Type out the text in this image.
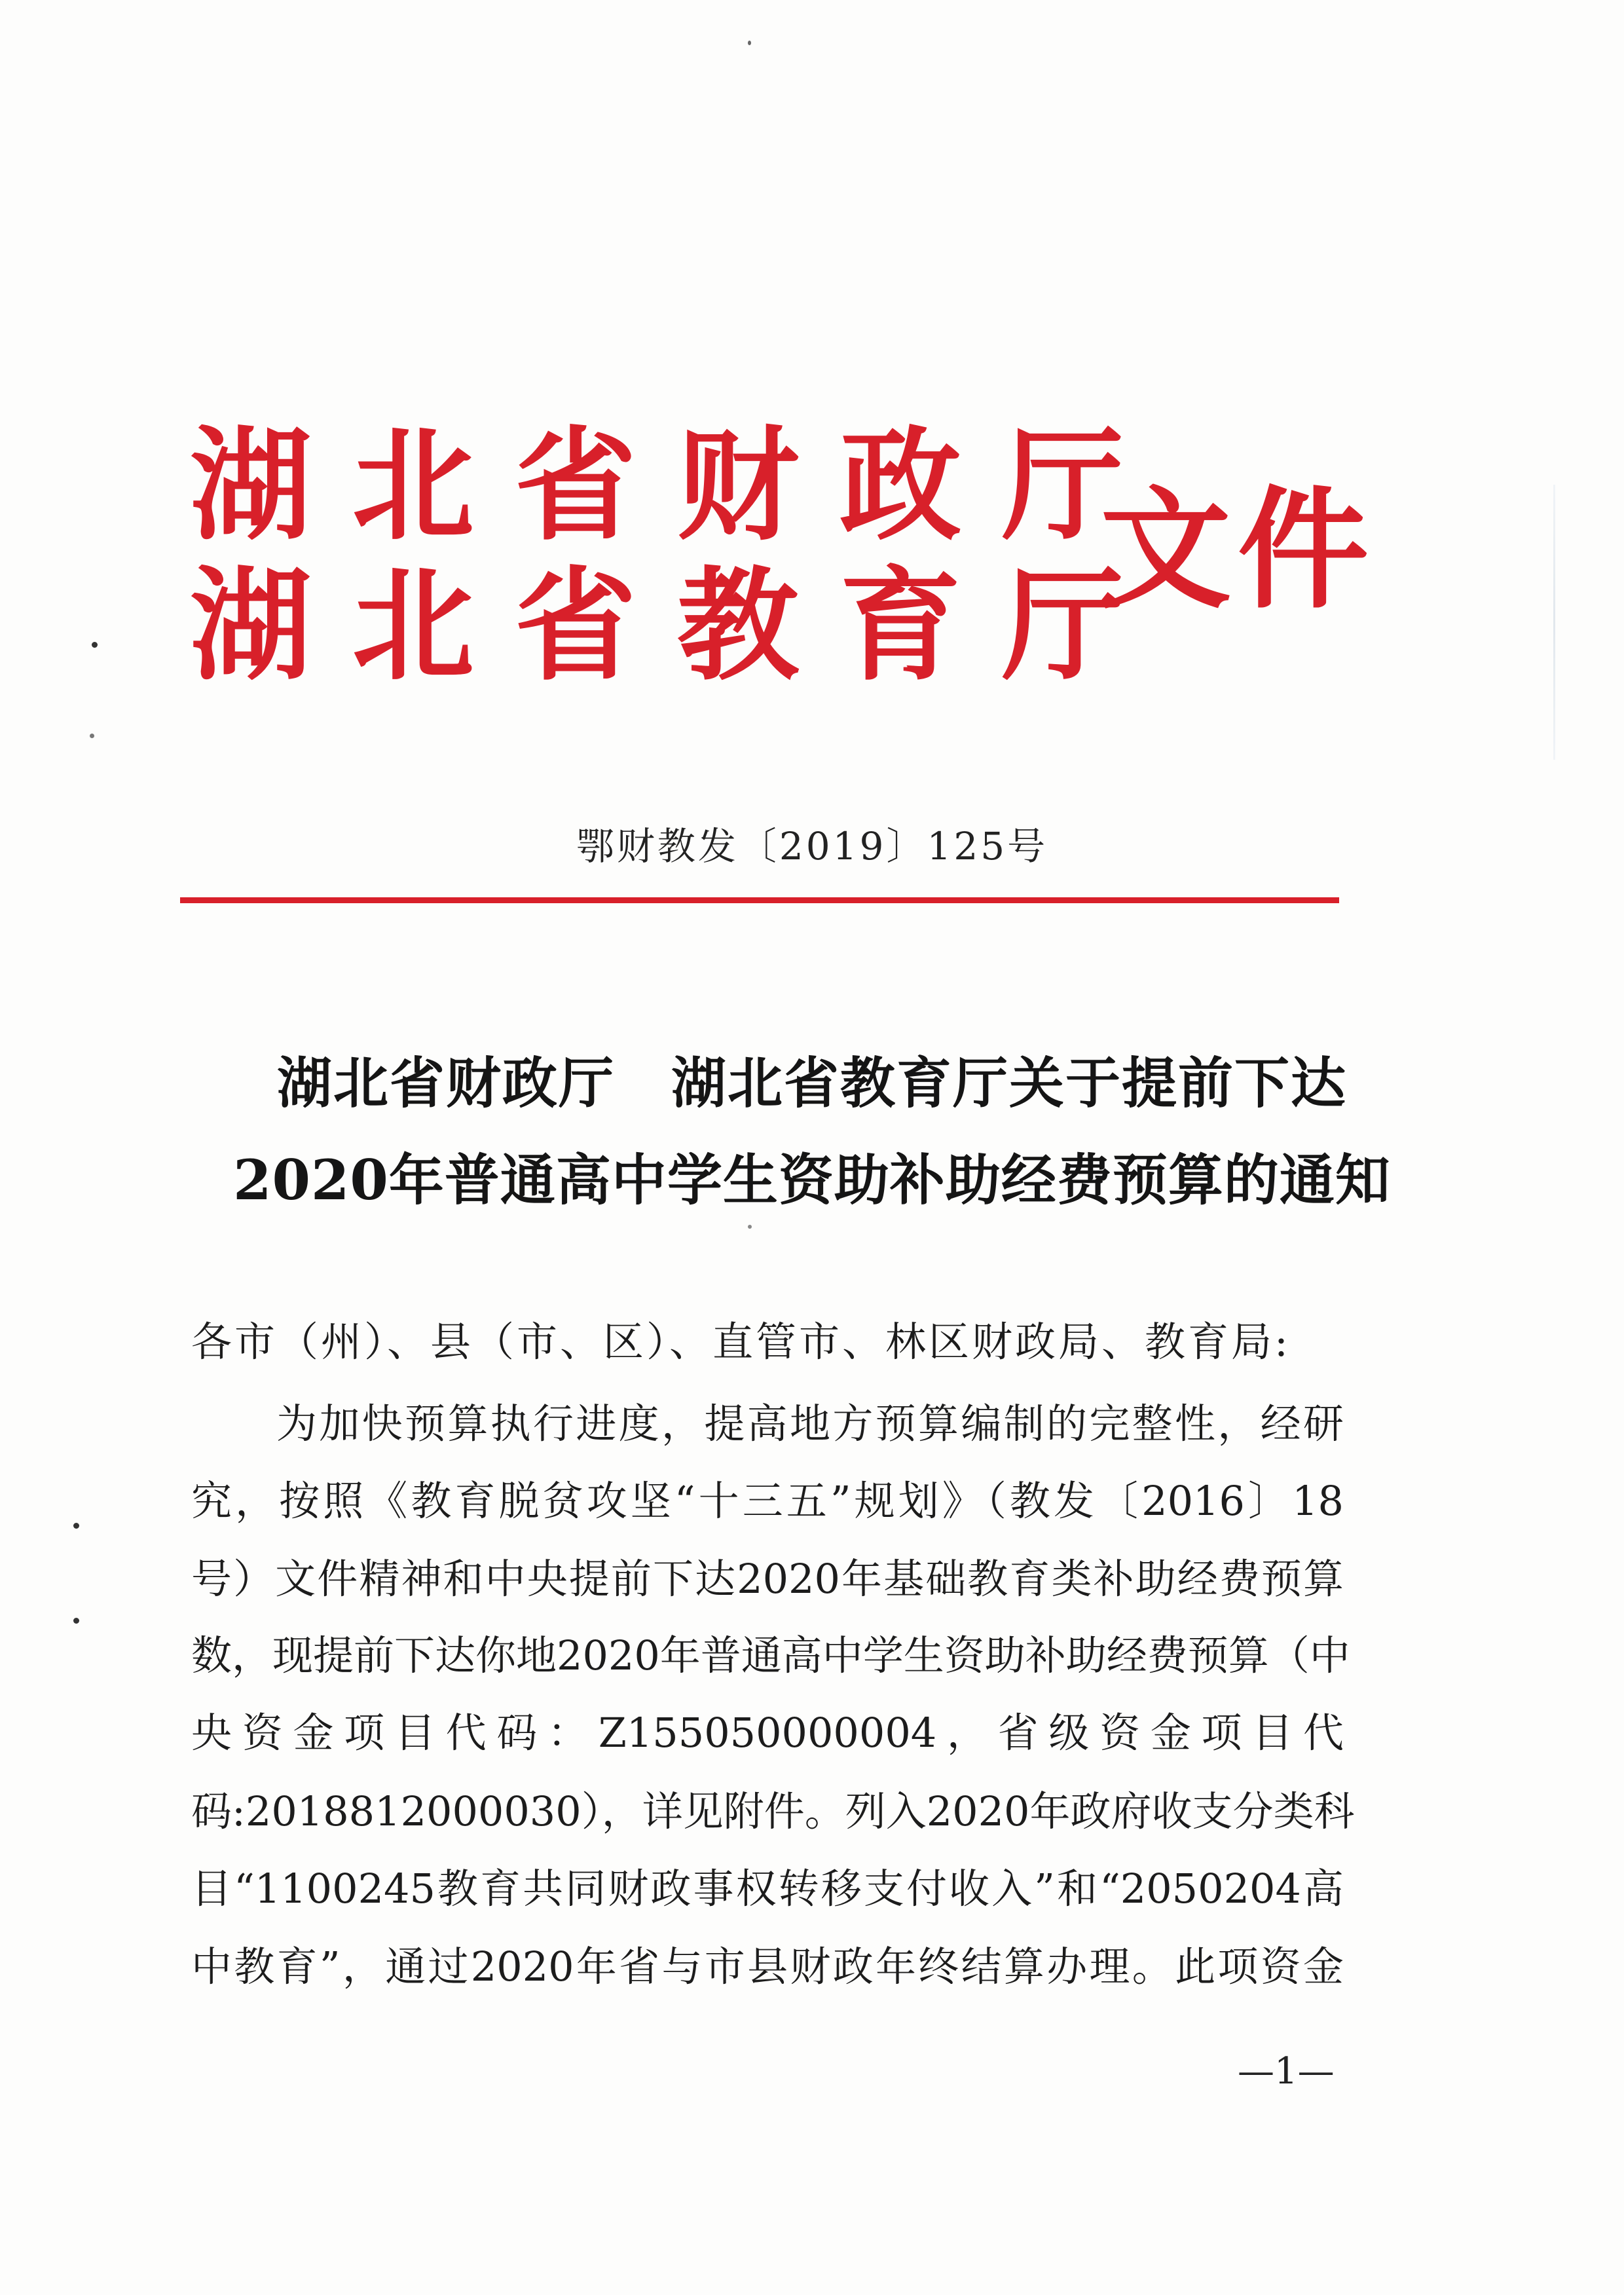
湖北省财政厅
湖北省教育厅
文件
鄂财教发〔2019〕125号
湖北省财政厅　湖北省教育厅关于提前下达
2020年普通高中学生资助补助经费预算的通知
各市（州）、县（市、区）、直管市、林区财政局、教育局:
为加快预算执行进度，提高地方预算编制的完整性，经研
究，按照《教育脱贫攻坚“十三五”规划》（教发〔2016〕18
号）文件精神和中央提前下达2020年基础教育类补助经费预算
数，现提前下达你地2020年普通高中学生资助补助经费预算（中
央资金项目代码：Z155050000004，省级资金项目代
码:2018812000030），详见附件。列入2020年政府收支分类科
目“1100245教育共同财政事权转移支付收入”和“2050204高
中教育”，通过2020年省与市县财政年终结算办理。此项资金
—1—
